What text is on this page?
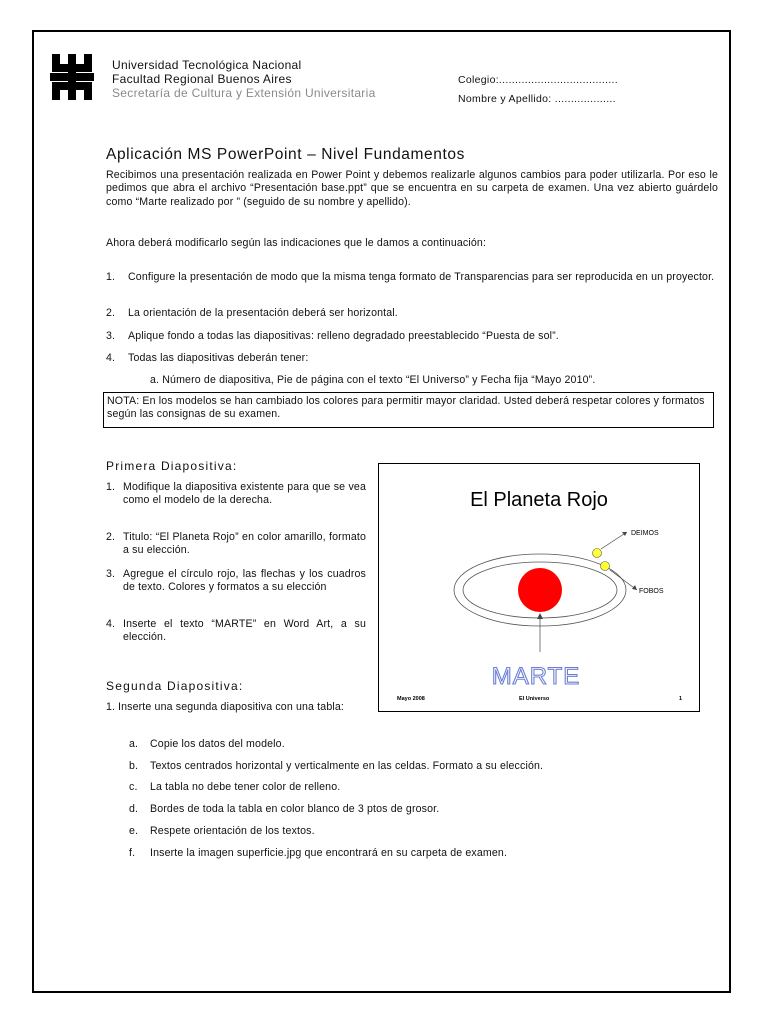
Universidad Tecnológica Nacional
Facultad Regional Buenos Aires
Secretaría de Cultura y Extensión Universitaria
Colegio:.....................................
Nombre y Apellido: ...................
Aplicación MS PowerPoint – Nivel Fundamentos
Recibimos una presentación realizada en Power Point y debemos realizarle algunos cambios para poder utilizarla. Por eso le pedimos que abra el archivo “Presentación base.ppt” que se encuentra en su carpeta de examen. Una vez abierto guárdelo como “Marte realizado por ” (seguido de su nombre y apellido).
Ahora deberá modificarlo según las indicaciones que le damos a continuación:
1. Configure la presentación de modo que la misma tenga formato de Transparencias para ser reproducida en un proyector.
2. La orientación de la presentación deberá ser horizontal.
3. Aplique fondo a todas las diapositivas: relleno degradado preestablecido “Puesta de sol”.
4. Todas las diapositivas deberán tener:
a. Número de diapositiva, Pie de página con el texto “El Universo” y Fecha fija “Mayo 2010”.
NOTA: En los modelos se han cambiado los colores para permitir mayor claridad. Usted deberá respetar colores y formatos según las consignas de su examen.
Primera Diapositiva:
1. Modifique la diapositiva existente para que se vea como el modelo de la derecha.
2. Titulo: “El Planeta Rojo” en color amarillo, formato a su elección.
3. Agregue el círculo rojo, las flechas y los cuadros de texto. Colores y formatos a su elección
4. Inserte el texto “MARTE” en Word Art, a su elección.
El Planeta Rojo
DEIMOS
FOBOS
MARTE
Mayo 2008	El Universo	1
Segunda Diapositiva:
1. Inserte una segunda diapositiva con una tabla:
a. Copie los datos del modelo.
b. Textos centrados horizontal y verticalmente en las celdas. Formato a su elección.
c. La tabla no debe tener color de relleno.
d. Bordes de toda la tabla en color blanco de 3 ptos de grosor.
e. Respete orientación de los textos.
f. Inserte la imagen superficie.jpg que encontrará en su carpeta de examen.
